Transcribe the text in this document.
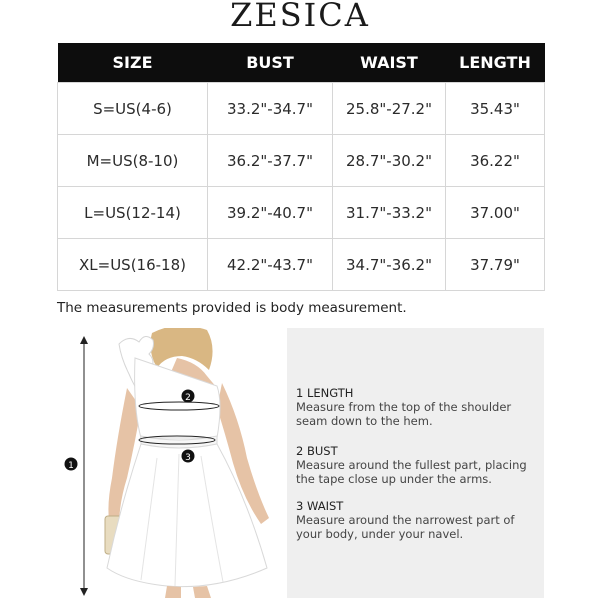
ZESICA
SIZE	BUST	WAIST	LENGTH
S=US(4-6)	33.2"-34.7"	25.8"-27.2"	35.43"
M=US(8-10)	36.2"-37.7"	28.7"-30.2"	36.22"
L=US(12-14)	39.2"-40.7"	31.7"-33.2"	37.00"
XL=US(16-18)	42.2"-43.7"	34.7"-36.2"	37.79"
The measurements provided is body measurement.
1
2
3
1 LENGTH
Measure from the top of the shoulder
seam down to the hem.
2 BUST
Measure around the fullest part, placing
the tape close up under the arms.
3 WAIST
Measure around the narrowest part of
your body, under your navel.
